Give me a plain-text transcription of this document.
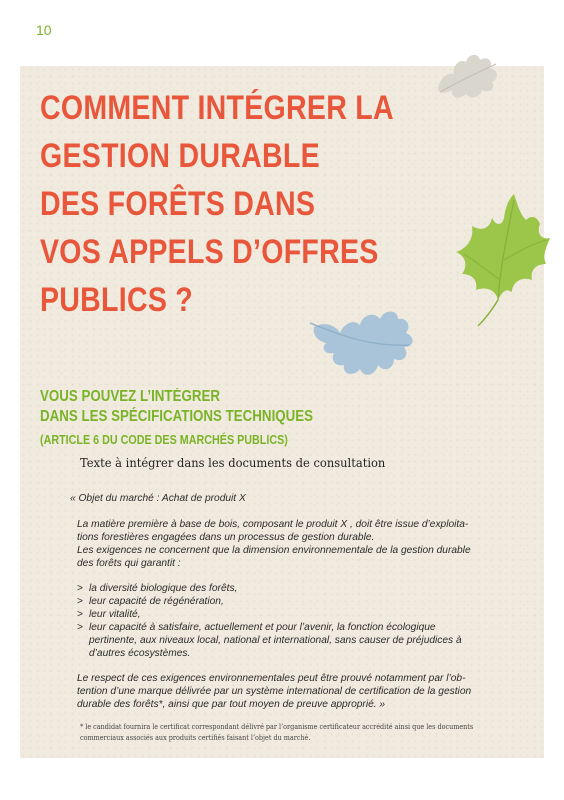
10
COMMENT INTÉGRER LA
GESTION DURABLE
DES FORÊTS DANS
VOS APPELS D’OFFRES
PUBLICS ?
VOUS POUVEZ L’INTÉGRER
DANS LES SPÉCIFICATIONS TECHNIQUES
(ARTICLE 6 DU CODE DES MARCHÉS PUBLICS)
Texte à intégrer dans les documents de consultation
« Objet du marché : Achat de produit X
La matière première à base de bois, composant le produit X , doit être issue d’exploita-
tions forestières engagées dans un processus de gestion durable.
Les exigences ne concernent que la dimension environnementale de la gestion durable
des forêts qui garantit :
> la diversité biologique des forêts,
> leur capacité de régénération,
> leur vitalité,
> leur capacité à satisfaire, actuellement et pour l’avenir, la fonction écologique
pertinente, aux niveaux local, national et international, sans causer de préjudices à
d’autres écosystèmes.
Le respect de ces exigences environnementales peut être prouvé notamment par l’ob-
tention d’une marque délivrée par un système international de certification de la gestion
durable des forêts*, ainsi que par tout moyen de preuve approprié. »
* le candidat fournira le certificat correspondant délivré par l’organisme certificateur accrédité ainsi que les documents
commerciaux associés aux produits certifiés faisant l’objet du marché.
